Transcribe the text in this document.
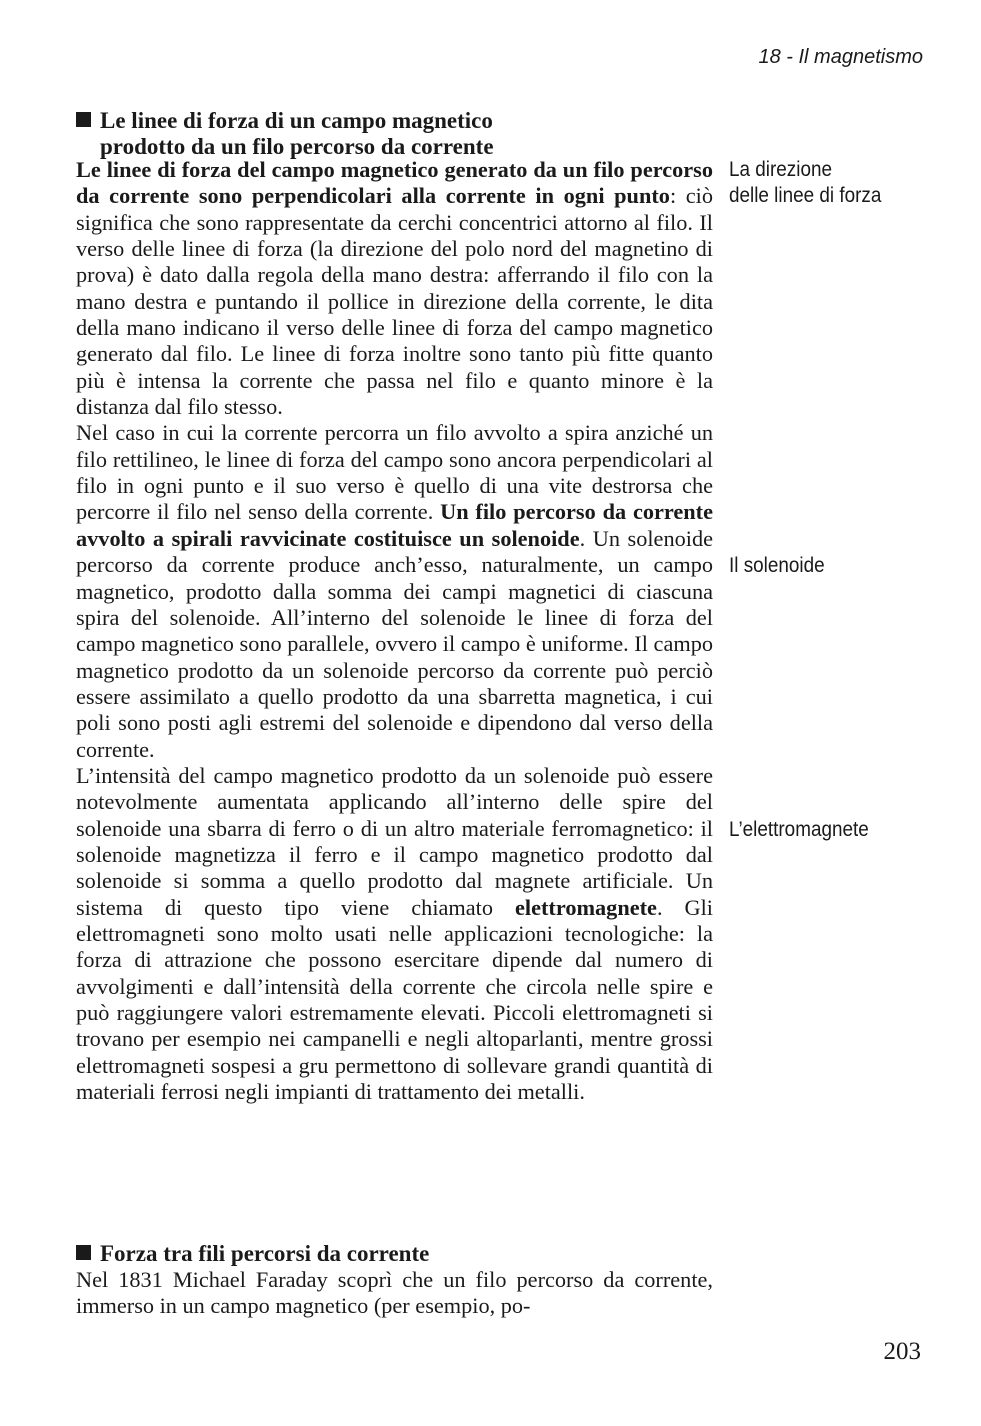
18 - Il magnetismo
Le linee di forza di un campo magnetico
prodotto da un filo percorso da corrente

Le linee di forza del campo magnetico generato da un filo percorso da corrente sono perpendicolari alla corrente in ogni punto: ciò significa che sono rappresentate da cerchi concentrici attorno al filo. Il verso delle linee di forza (la direzione del polo nord del magnetino di prova) è dato dalla regola della mano destra: afferrando il filo con la mano destra e puntando il pollice in direzione della corrente, le dita della mano indicano il verso delle linee di forza del campo magnetico generato dal filo. Le linee di forza inoltre sono tanto più fitte quanto più è intensa la corrente che passa nel filo e quanto minore è la distanza dal filo stesso.

Nel caso in cui la corrente percorra un filo avvolto a spira anziché un filo rettilineo, le linee di forza del campo sono ancora perpendicolari al filo in ogni punto e il suo verso è quello di una vite destrorsa che percorre il filo nel senso della corrente. Un filo percorso da corrente avvolto a spirali ravvicinate costituisce un solenoide. Un solenoide percorso da corrente produce anch’esso, naturalmente, un campo magnetico, prodotto dalla somma dei campi magnetici di ciascuna spira del solenoide. All’interno del solenoide le linee di forza del campo magnetico sono parallele, ovvero il campo è uniforme. Il campo magnetico prodotto da un solenoide percorso da corrente può perciò essere assimilato a quello prodotto da una sbarretta magnetica, i cui poli sono posti agli estremi del solenoide e dipendono dal verso della corrente.

L’intensità del campo magnetico prodotto da un solenoide può essere notevolmente aumentata applicando all’interno delle spire del solenoide una sbarra di ferro o di un altro materiale ferromagnetico: il solenoide magnetizza il ferro e il campo magnetico prodotto dal solenoide si somma a quello prodotto dal magnete artificiale. Un sistema di questo tipo viene chiamato elettromagnete. Gli elettromagneti sono molto usati nelle applicazioni tecnologiche: la forza di attrazione che possono esercitare dipende dal numero di avvolgimenti e dall’intensità della corrente che circola nelle spire e può raggiungere valori estremamente elevati. Piccoli elettromagneti si trovano per esempio nei campanelli e negli altoparlanti, mentre grossi elettromagneti sospesi a gru permettono di sollevare grandi quantità di materiali ferrosi negli impianti di trattamento dei metalli.

La direzione
delle linee di forza
Il solenoide
L’elettromagnete
Forza tra fili percorsi da corrente

Nel 1831 Michael Faraday scoprì che un filo percorso da corrente, immerso in un campo magnetico (per esempio, po-

203
